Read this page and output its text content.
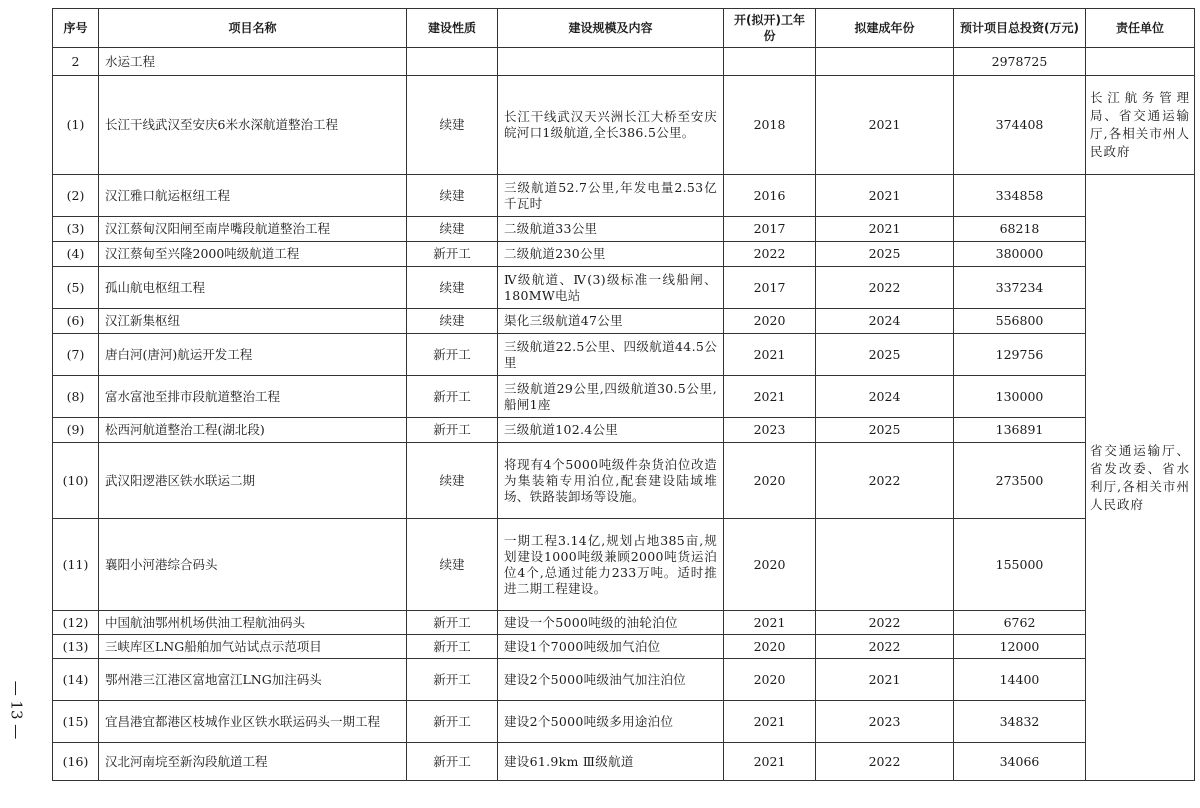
— 13 —
序号	项目名称	建设性质	建设规模及内容	开(拟开)工年份	拟建成年份	预计项目总投资(万元)	责任单位
2	水运工程					2978725	
(1)	长江干线武汉至安庆6米水深航道整治工程	续建	长江干线武汉天兴洲长江大桥至安庆皖河口1级航道,全长386.5公里。	2018	2021	374408	长江航务管理局、省交通运输厅,各相关市州人民政府
(2)	汉江雅口航运枢纽工程	续建	三级航道52.7公里,年发电量2.53亿千瓦时	2016	2021	334858	省交通运输厅、省发改委、省水利厅,各相关市州人民政府
(3)	汉江蔡甸汉阳闸至南岸嘴段航道整治工程	续建	二级航道33公里	2017	2021	68218	
(4)	汉江蔡甸至兴隆2000吨级航道工程	新开工	二级航道230公里	2022	2025	380000	
(5)	孤山航电枢纽工程	续建	Ⅳ级航道、Ⅳ(3)级标准一线船闸、180MW电站	2017	2022	337234	
(6)	汉江新集枢纽	续建	渠化三级航道47公里	2020	2024	556800	
(7)	唐白河(唐河)航运开发工程	新开工	三级航道22.5公里、四级航道44.5公里	2021	2025	129756	
(8)	富水富池至排市段航道整治工程	新开工	三级航道29公里,四级航道30.5公里,船闸1座	2021	2024	130000	
(9)	松西河航道整治工程(湖北段)	新开工	三级航道102.4公里	2023	2025	136891	
(10)	武汉阳逻港区铁水联运二期	续建	将现有4个5000吨级件杂货泊位改造为集装箱专用泊位,配套建设陆域堆场、铁路装卸场等设施。	2020	2022	273500	
(11)	襄阳小河港综合码头	续建	一期工程3.14亿,规划占地385亩,规划建设1000吨级兼顾2000吨货运泊位4个,总通过能力233万吨。适时推进二期工程建设。	2020		155000	
(12)	中国航油鄂州机场供油工程航油码头	新开工	建设一个5000吨级的油轮泊位	2021	2022	6762	
(13)	三峡库区LNG船舶加气站试点示范项目	新开工	建设1个7000吨级加气泊位	2020	2022	12000	
(14)	鄂州港三江港区富地富江LNG加注码头	新开工	建设2个5000吨级油气加注泊位	2020	2021	14400	
(15)	宜昌港宜都港区枝城作业区铁水联运码头一期工程	新开工	建设2个5000吨级多用途泊位	2021	2023	34832	
(16)	汉北河南垸至新沟段航道工程	新开工	建设61.9km Ⅲ级航道	2021	2022	34066	
